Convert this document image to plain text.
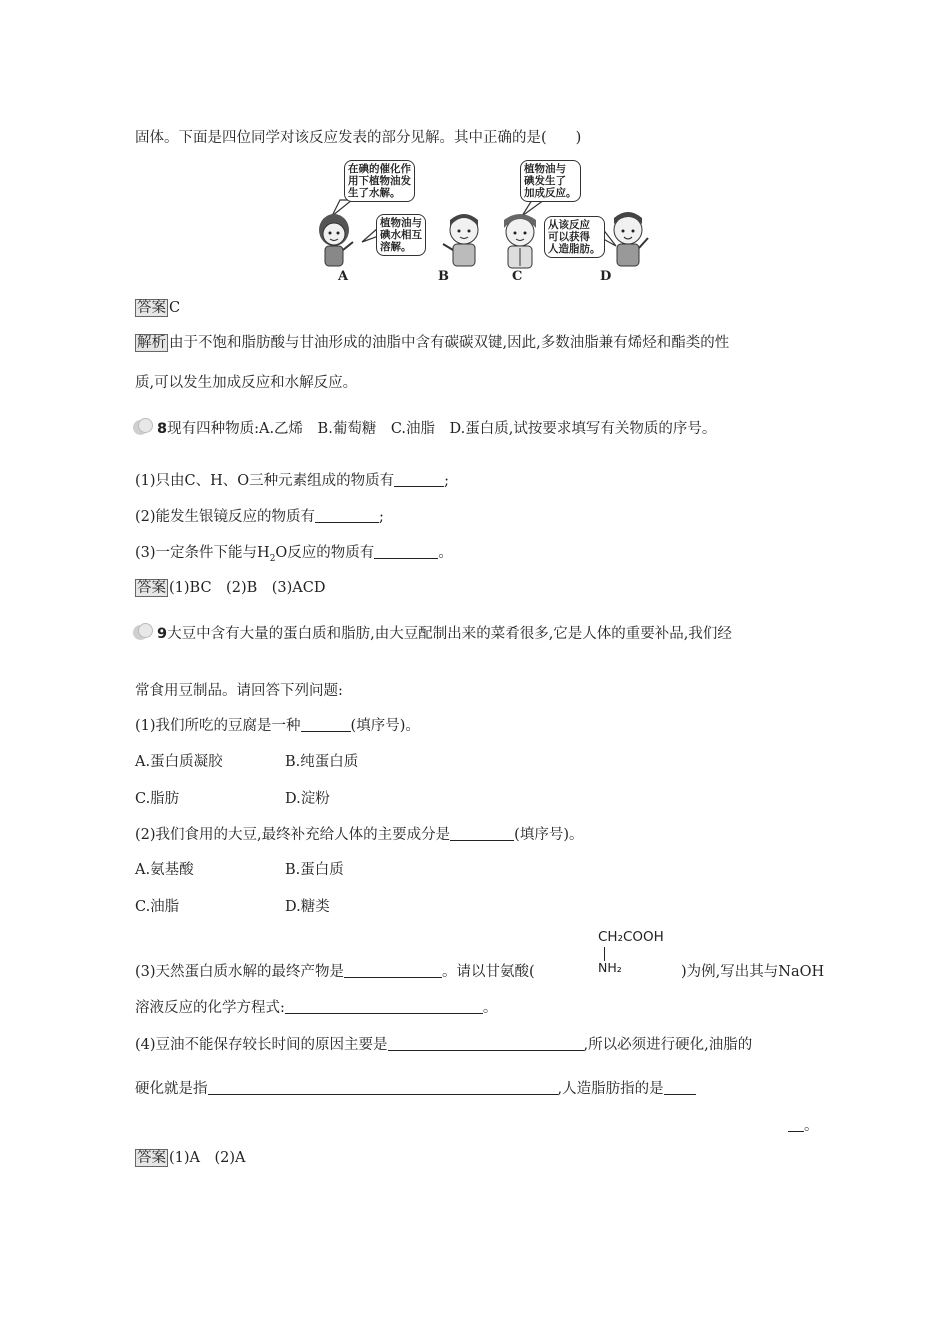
固体。下面是四位同学对该反应发表的部分见解。其中正确的是(　　)
在碘的催化作
用下植物油发
生了水解。
植物油与
碘水相互
溶解。
植物油与
碘发生了
加成反应。
从该反应
可以获得
人造脂肪。
A	B	C	D
答案 C
解析 由于不饱和脂肪酸与甘油形成的油脂中含有碳碳双键,因此,多数油脂兼有烯烃和酯类的性
质,可以发生加成反应和水解反应。
8现有四种物质:A.乙烯　B.葡萄糖　C.油脂　D.蛋白质,试按要求填写有关物质的序号。
(1)只由C、H、O三种元素组成的物质有	;
(2)能发生银镜反应的物质有	;
(3)一定条件下能与$H_2O$反应的物质有	。
答案 (1)BC　(2)B　(3)ACD
9大豆中含有大量的蛋白质和脂肪,由大豆配制出来的菜肴很多,它是人体的重要补品,我们经
常食用豆制品。请回答下列问题:
(1)我们所吃的豆腐是一种	(填序号)。
A.蛋白质凝胶	B.纯蛋白质
C.脂肪	D.淀粉
(2)我们食用的大豆,最终补充给人体的主要成分是	(填序号)。
A.氨基酸	B.蛋白质
C.油脂	D.糖类
CH₂COOH
NH₂
(3)天然蛋白质水解的最终产物是	。请以甘氨酸(	)为例,写出其与NaOH
溶液反应的化学方程式:	。
(4)豆油不能保存较长时间的原因主要是	,所以必须进行硬化,油脂的
硬化就是指	,人造脂肪指的是
。
答案 (1)A　(2)A
